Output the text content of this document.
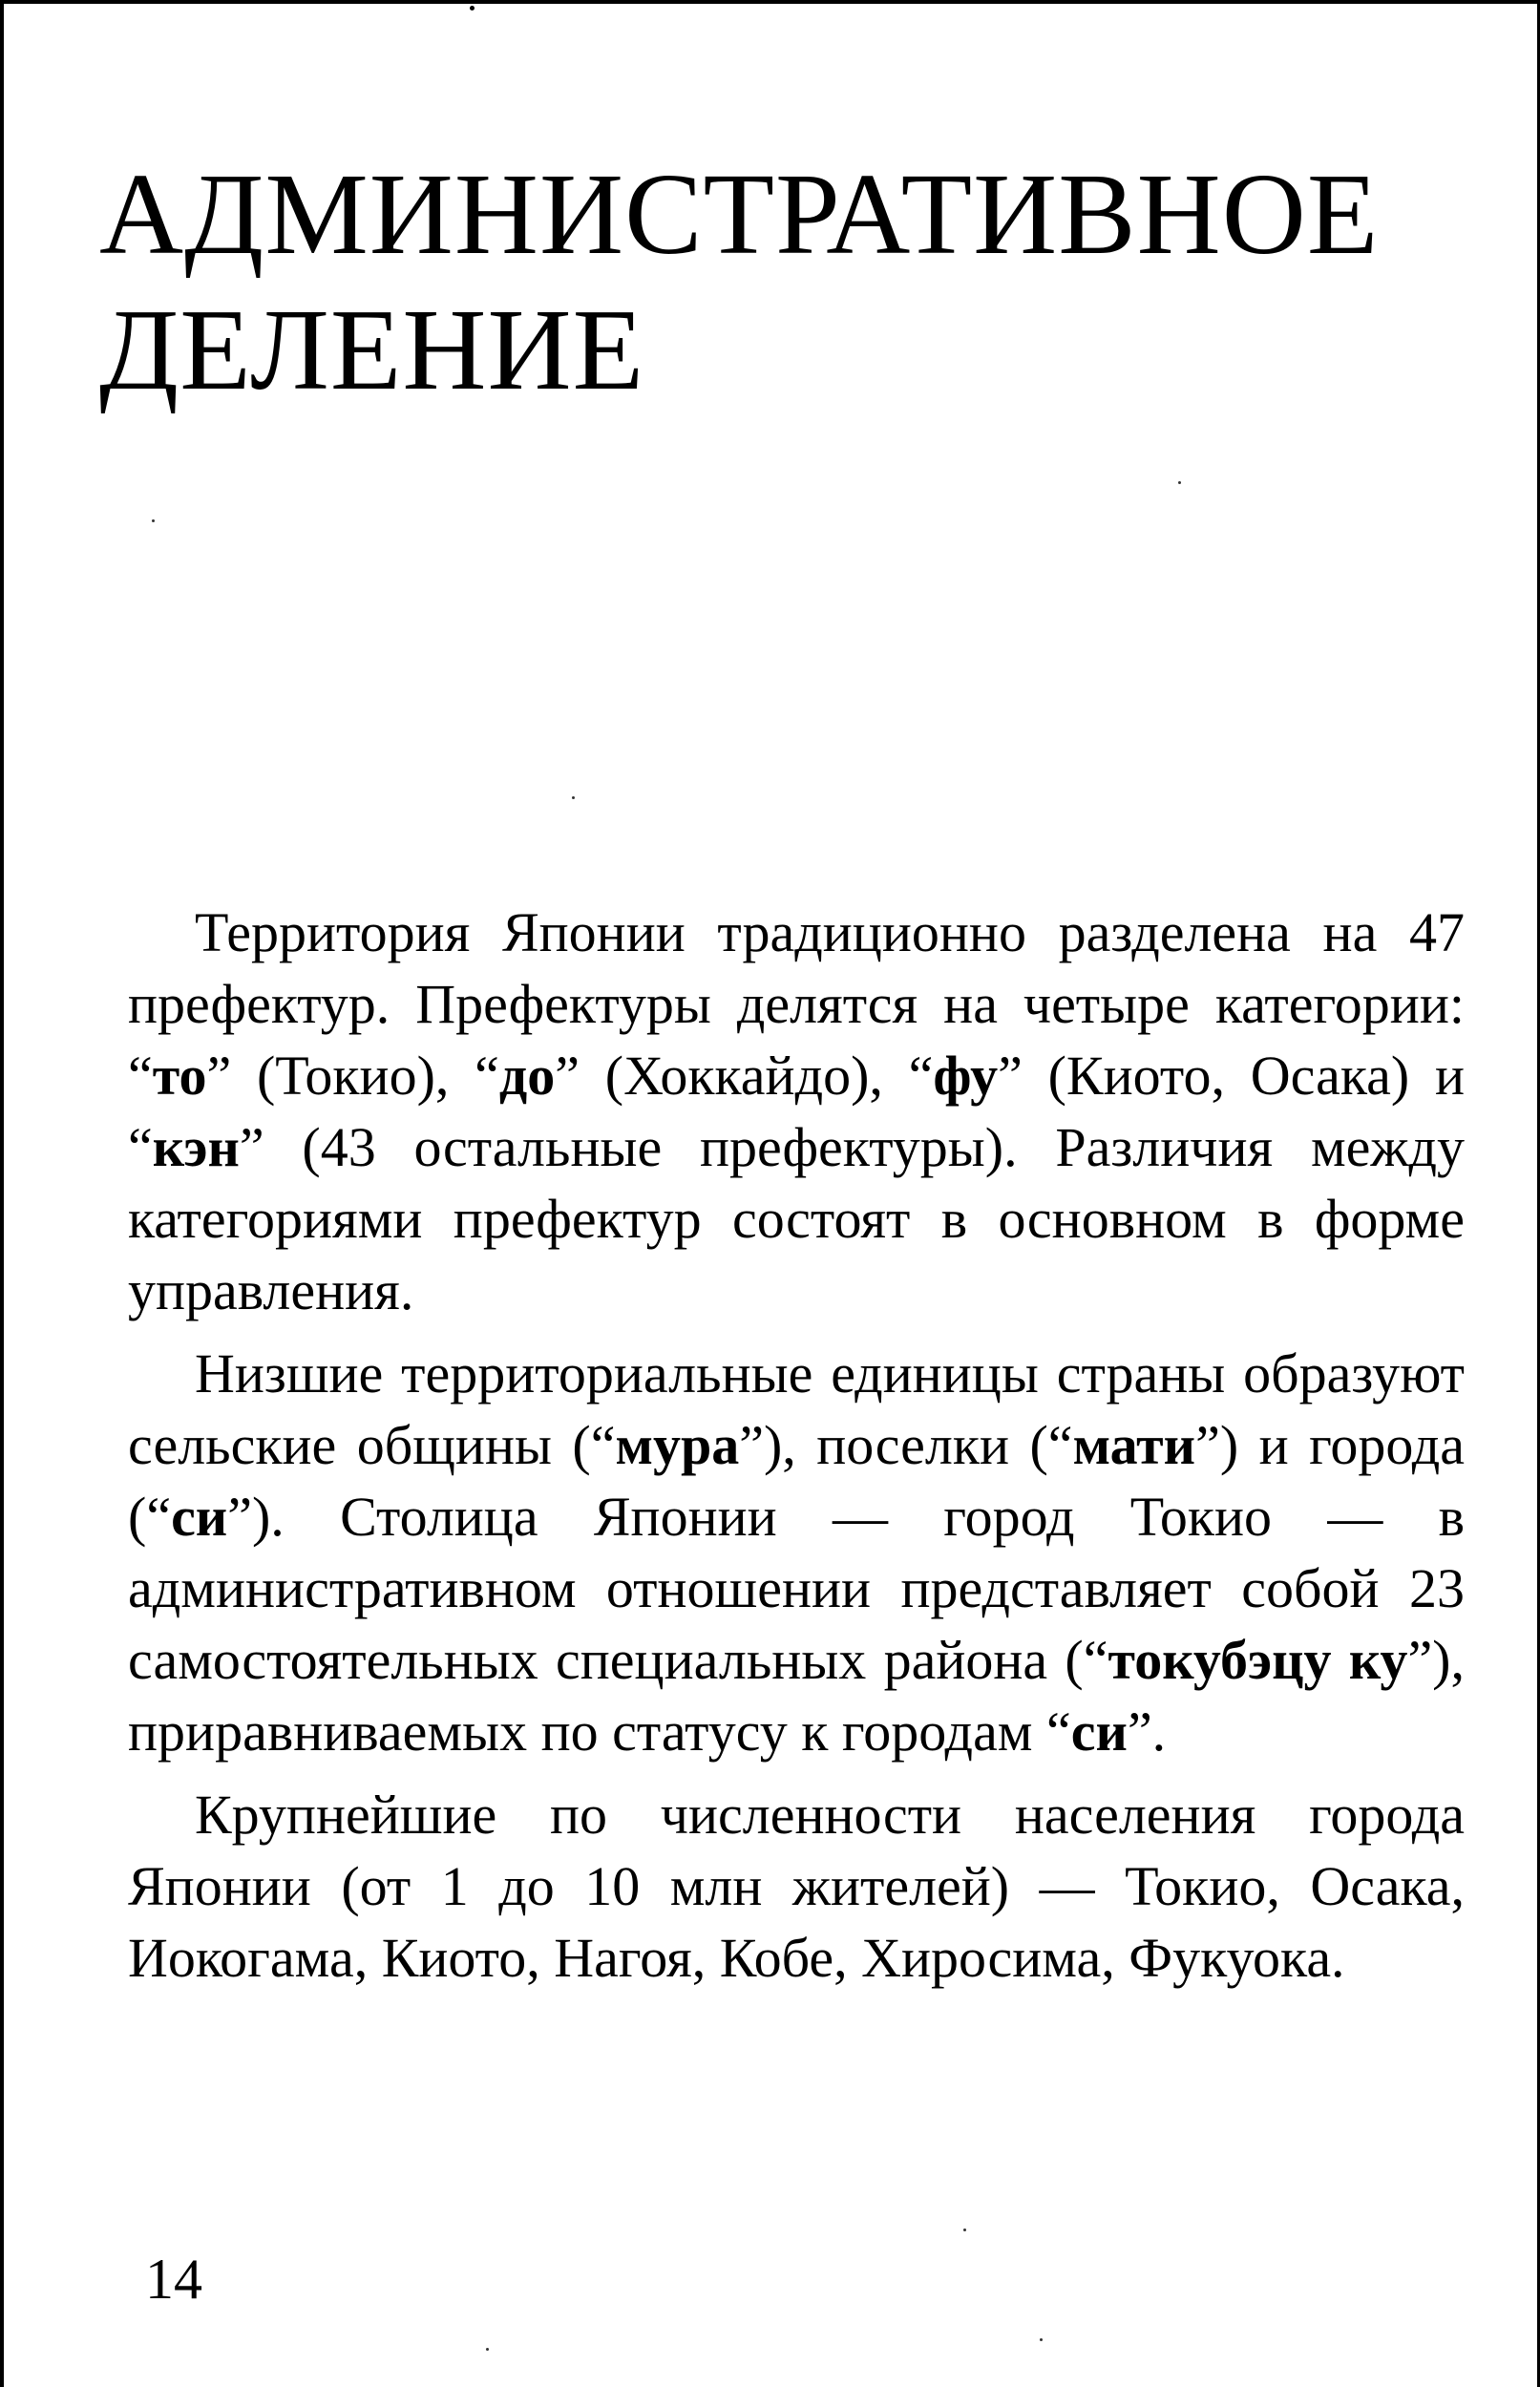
АДМИНИСТРАТИВНОЕ
ДЕЛЕНИЕ

Территория Японии традиционно разделена на 47 префектур. Префектуры делятся на четыре категории: “то” (Токио), “до” (Хоккайдо), “фу” (Киото, Осака) и “кэн” (43 остальные префектуры). Различия между категориями префектур состоят в основном в форме управления.

Низшие территориальные единицы страны образуют сельские общины (“мура”), поселки (“мати”) и города (“си”). Столица Японии — город Токио — в административном отношении представляет собой 23 самостоятельных специальных района (“токубэцу ку”), приравниваемых по статусу к городам “си”.

Крупнейшие по численности населения города Японии (от 1 до 10 млн жителей) — Токио, Осака, Иокогама, Киото, Нагоя, Кобе, Хиросима, Фукуока.

14
